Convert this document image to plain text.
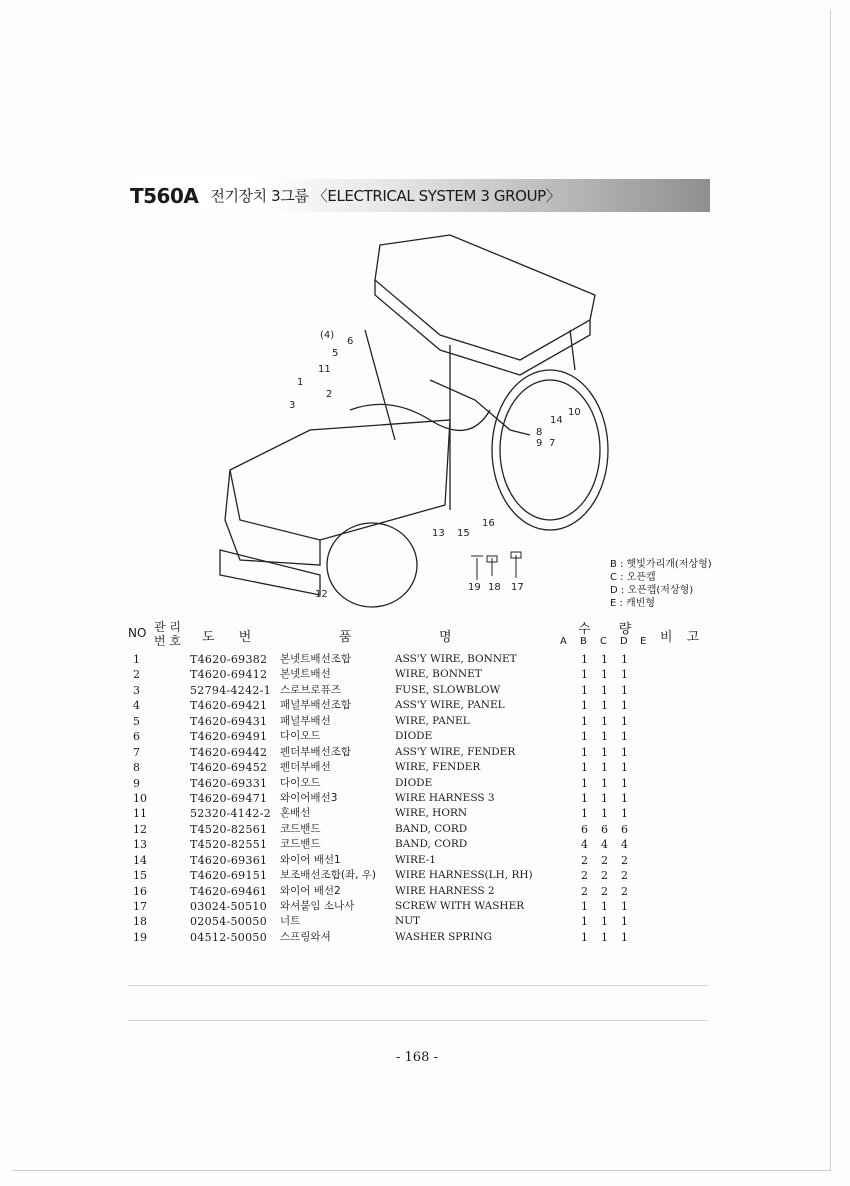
T560A 전기장치 3그룹 〈ELECTRICAL SYSTEM 3 GROUP〉
(4)
6
5
11
1
2
3
10
14
8
9 7
13 15
16
12
19 18 17
B : 햇빛가리개(저상형)
C : 오픈캡
D : 오픈캡(저상형)
E : 캐빈형
NO 관 리
번 호 도 번	품	명
수 량
A B C D E 비 고
1	T4620-69382 본넷트배선조합	ASS'Y WIRE, BONNET	1 1 1
2	T4620-69412 본넷트배선	WIRE, BONNET	1 1 1
3	52794-4242-1 스로브로퓨즈	FUSE, SLOWBLOW	1 1 1
4	T4620-69421 패널부배선조합	ASS'Y WIRE, PANEL	1 1 1
5	T4620-69431 패널부배선	WIRE, PANEL	1 1 1
6	T4620-69491 다이오드	DIODE	1 1 1
7	T4620-69442 펜더부배선조합	ASS'Y WIRE, FENDER	1 1 1
8	T4620-69452 펜더부배선	WIRE, FENDER	1 1 1
9	T4620-69331 다이오드	DIODE	1 1 1
10	T4620-69471 와이어배선3	WIRE HARNESS 3	1 1 1
11	52320-4142-2 혼배선	WIRE, HORN	1 1 1
12	T4520-82561 코드밴드	BAND, CORD	6 6 6
13	T4520-82551 코드밴드	BAND, CORD	4 4 4
14	T4620-69361 와이어 배선1	WIRE-1	2 2 2
15	T4620-69151 보조배선조합(좌, 우) WIRE HARNESS(LH, RH)	2 2 2
16	T4620-69461 와이어 배선2	WIRE HARNESS 2	2 2 2
17	03024-50510 와셔붙임 소나사	SCREW WITH WASHER	1 1 1
18	02054-50050 너트	NUT	1 1 1
19	04512-50050 스프링와셔	WASHER SPRING	1 1 1
- 168 -
